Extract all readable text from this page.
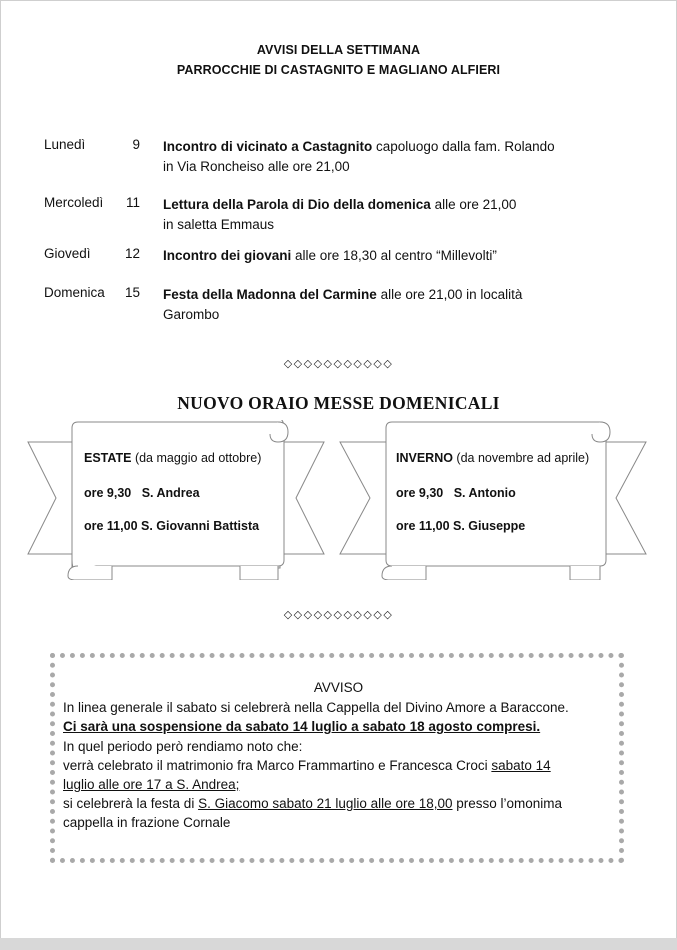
AVVISI DELLA SETTIMANA
PARROCCHIE DI CASTAGNITO E MAGLIANO ALFIERI
Lunedì	9 Incontro di vicinato a Castagnito capoluogo dalla fam. Rolando
in Via Roncheiso alle ore 21,00
Mercoledì 11 Lettura della Parola di Dio della domenica alle ore 21,00
in saletta Emmaus
Giovedì	12 Incontro dei giovani alle ore 18,30 al centro “Millevolti”
Domenica 15 Festa della Madonna del Carmine alle ore 21,00 in località
Garombo
◇◇◇◇◇◇◇◇◇◇◇
NUOVO ORAIO MESSE DOMENICALI
ESTATE (da maggio ad ottobre)
ore 9,30 S. Andrea
ore 11,00 S. Giovanni Battista
INVERNO (da novembre ad aprile)
ore 9,30 S. Antonio
ore 11,00 S. Giuseppe
◇◇◇◇◇◇◇◇◇◇◇
AVVISO
In linea generale il sabato si celebrerà nella Cappella del Divino Amore a Baraccone.
Ci sarà una sospensione da sabato 14 luglio a sabato 18 agosto compresi.
In quel periodo però rendiamo noto che:
verrà celebrato il matrimonio fra Marco Frammartino e Francesca Croci sabato 14
luglio alle ore 17 a S. Andrea;
si celebrerà la festa di S. Giacomo sabato 21 luglio alle ore 18,00 presso l’omonima
cappella in frazione Cornale
